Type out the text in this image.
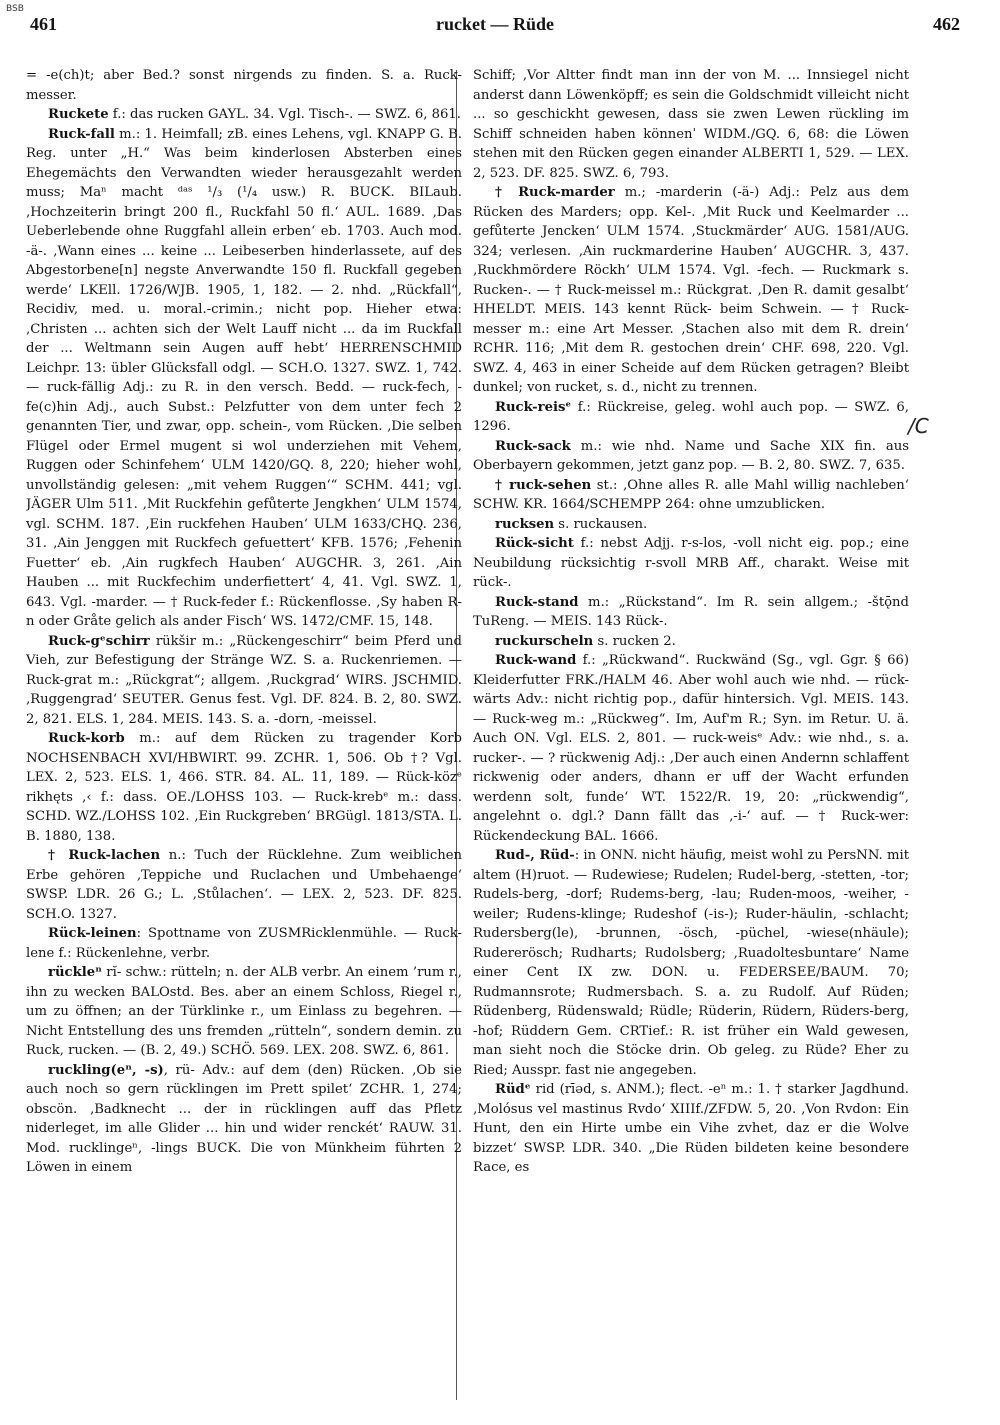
BSB
461	rucket — Rüde	462

= -e(ch)t; aber Bed.? sonst nirgends zu finden. S. a. Ruck-messer.

Ruckete f.: das rucken GAYL. 34. Vgl. Tisch-. — SWZ. 6, 861.

Ruck-fall m.: 1. Heimfall; zB. eines Lehens, vgl. KNAPP G. B. Reg. unter „H.“ Was beim kinderlosen Absterben eines Ehegemächts den Verwandten wieder herausgezahlt werden muss; Maⁿ macht ᵈᵃˢ ¹/₃ (¹/₄ usw.) R. BUCK. BILaub. ‚Hochzeiterin bringt 200 fl., Ruckfahl 50 fl.‘ AUL. 1689. ‚Das Ueberlebende ohne Ruggfahl allein erben‘ eb. 1703. Auch mod. -ä-. ‚Wann eines ... keine ... Leibeserben hinderlassete, auf des Abgestorbene[n] negste Anverwandte 150 fl. Ruckfall gegeben werde‘ LKEll. 1726/WJB. 1905, 1, 182. — 2. nhd. „Rückfall“, Recidiv, med. u. moral.-crimin.; nicht pop. Hieher etwa: ‚Christen ... achten sich der Welt Lauff nicht ... da im Ruckfall der ... Weltmann sein Augen auff hebt‘ HERRENSCHMID Leichpr. 13: übler Glücksfall odgl. — SCH.O. 1327. SWZ. 1, 742. — ruck-fällig Adj.: zu R. in den versch. Bedd. — ruck-fech, -fe(c)hin Adj., auch Subst.: Pelzfutter von dem unter fech 2 genannten Tier, und zwar, opp. schein-, vom Rücken. ‚Die selben Flügel oder Ermel mugent si wol underziehen mit Vehem, Ruggen oder Schinfehem‘ ULM 1420/GQ. 8, 220; hieher wohl, unvollständig gelesen: „mit vehem Ruggen‘“ SCHM. 441; vgl. JÄGER Ulm 511. ‚Mit Ruckfehin gefůterte Jengkhen‘ ULM 1574, vgl. SCHM. 187. ‚Ein ruckfehen Hauben‘ ULM 1633/CHQ. 236, 31. ‚Ain Jenggen mit Ruckfech gefuettert‘ KFB. 1576; ‚Fehenin Fuetter‘ eb. ‚Ain rugkfech Hauben‘ AUGCHR. 3, 261. ‚Ain Hauben ... mit Ruckfechim underfiettert‘ 4, 41. Vgl. SWZ. 1, 643. Vgl. -marder. — † Ruck-feder f.: Rückenflosse. ‚Sy haben R-n oder Gråte gelich als ander Fisch‘ WS. 1472/CMF. 15, 148.

Ruck-gᵉschirr rükšir m.: „Rückengeschirr“ beim Pferd und Vieh, zur Befestigung der Stränge WZ. S. a. Ruckenriemen. — Ruck-grat m.: „Rückgrat“; allgem. ‚Ruckgrad‘ WIRS. JSCHMID. ‚Ruggengrad‘ SEUTER. Genus fest. Vgl. DF. 824. B. 2, 80. SWZ. 2, 821. ELS. 1, 284. MEIS. 143. S. a. -dorn, -meissel.

Ruck-korb m.: auf dem Rücken zu tragender Korb NOCHSENBACH XVI/HBWIRT. 99. ZCHR. 1, 506. Ob †? Vgl. LEX. 2, 523. ELS. 1, 466. STR. 84. AL. 11, 189. — Rück-közᵉ rikhęts ,‹ f.: dass. OE./LOHSS 103. — Ruck-krebᵉ m.: dass. SCHD. WZ./LOHSS 102. ‚Ein Ruckgreben‘ BRGügl. 1813/STA. L. B. 1880, 138.

† Ruck-lachen n.: Tuch der Rücklehne. Zum weiblichen Erbe gehören ‚Teppiche und Ruclachen und Umbehaenge‘ SWSP. LDR. 26 G.; L. ‚Stůlachen‘. — LEX. 2, 523. DF. 825. SCH.O. 1327.

Rück-leinen: Spottname von ZUSMRicklenmühle. — Ruck-lene f.: Rückenlehne, verbr.

rückleⁿ rĭ- schw.: rütteln; n. der ALB verbr. An einem ’rum r., ihn zu wecken BALOstd. Bes. aber an einem Schloss, Riegel r., um zu öffnen; an der Türklinke r., um Einlass zu begehren. — Nicht Entstellung des uns fremden „rütteln“, sondern demin. zu Ruck, rucken. — (B. 2, 49.) SCHÖ. 569. LEX. 208. SWZ. 6, 861.

ruckling(eⁿ, -s), rü- Adv.: auf dem (den) Rücken. ‚Ob sie auch noch so gern rücklingen im Prett spilet‘ ZCHR. 1, 274; obscön. ‚Badknecht ... der in rücklingen auff das Pfletz niderleget, im alle Glider ... hin und wider renckét‘ RAUW. 31. Mod. rucklingeⁿ, -lings BUCK. Die von Münkheim führten 2 Löwen in einem

Schiff; ‚Vor Altter findt man inn der von M. ... Innsiegel nicht anderst dann Löwenköpff; es sein die Goldschmidt villeicht nicht ... so geschickht gewesen, dass sie zwen Lewen rückling im Schiff schneiden haben könnenˈ WIDM./GQ. 6, 68: die Löwen stehen mit den Rücken gegen einander ALBERTI 1, 529. — LEX. 2, 523. DF. 825. SWZ. 6, 793.

† Ruck-marder m.; -marderin (-ä-) Adj.: Pelz aus dem Rücken des Marders; opp. Kel-. ‚Mit Ruck und Keelmarder ... gefůterte Jencken‘ ULM 1574. ‚Stuckmärder‘ AUG. 1581/AUG. 324; verlesen. ‚Ain ruckmarderine Hauben‘ AUGCHR. 3, 437. ‚Ruckhmördere Röckh‘ ULM 1574. Vgl. -fech. — Ruckmark s. Rucken-. — † Ruck-meissel m.: Rückgrat. ‚Den R. damit gesalbt‘ HHELDT. MEIS. 143 kennt Rück- beim Schwein. — † Ruck-messer m.: eine Art Messer. ‚Stachen also mit dem R. drein‘ RCHR. 116; ‚Mit dem R. gestochen drein‘ CHF. 698, 220. Vgl. SWZ. 4, 463 in einer Scheide auf dem Rücken getragen? Bleibt dunkel; von rucket, s. d., nicht zu trennen.

Ruck-reisᵉ f.: Rückreise, geleg. wohl auch pop. — SWZ. 6, 1296.

Ruck-sack m.: wie nhd. Name und Sache XIX fin. aus Oberbayern gekommen, jetzt ganz pop. — B. 2, 80. SWZ. 7, 635.

† ruck-sehen st.: ‚Ohne alles R. alle Mahl willig nachleben‘ SCHW. KR. 1664/SCHEMPP 264: ohne umzublicken.

rucksen s. ruckausen.

Rück-sicht f.: nebst Adjj. r-s-los, -voll nicht eig. pop.; eine Neubildung rücksichtig r-svoll MRB Aff., charakt. Weise mit rück-.

Ruck-stand m.: „Rückstand“. Im R. sein allgem.; -štǭnd TuReng. — MEIS. 143 Rück-.

ruckurscheln s. rucken 2.

Ruck-wand f.: „Rückwand“. Ruckwänd (Sg., vgl. Ggr. § 66) Kleiderfutter FRK./HALM 46. Aber wohl auch wie nhd. — rück-wärts Adv.: nicht richtig pop., dafür hintersich. Vgl. MEIS. 143. — Ruck-weg m.: „Rückweg“. Im, Auf'm R.; Syn. im Retur. U. ä. Auch ON. Vgl. ELS. 2, 801. — ruck-weisᵉ Adv.: wie nhd., s. a. rucker-. — ? rückwenig Adj.: ‚Der auch einen Andernn schlaffent rickwenig oder anders, dhann er uff der Wacht erfunden werdenn solt, funde‘ WT. 1522/R. 19, 20: „rückwendig“, angelehnt o. dgl.? Dann fällt das ‚-i-‘ auf. — † Ruck-wer: Rückendeckung BAL. 1666.

Rud-, Rüd-: in ONN. nicht häufig, meist wohl zu PersNN. mit altem (H)ruot. — Rudewiese; Rudelen; Rudel-berg, -stetten, -tor; Rudels-berg, -dorf; Rudems-berg, -lau; Ruden-moos, -weiher, -weiler; Rudens-klinge; Rudeshof (-is-); Ruder-häulin, -schlacht; Rudersberg(le), -brunnen, -ösch, -püchel, -wiese(nhäule); Rudererösch; Rudharts; Rudolsberg; ‚Ruadoltesbuntare‘ Name einer Cent IX zw. DON. u. FEDERSEE/BAUM. 70; Rudmannsrote; Rudmersbach. S. a. zu Rudolf. Auf Rüden; Rüdenberg, Rüdenswald; Rüdle; Rüderin, Rüdern, Rüders-berg, -hof; Rüddern Gem. CRTief.: R. ist früher ein Wald gewesen, man sieht noch die Stöcke drin. Ob geleg. zu Rüde? Eher zu Ried; Ausspr. fast nie angegeben.

Rüdᵉ rid (rīǝd, s. ANM.); flect. -eⁿ m.: 1. † starker Jagdhund. ‚Molósus vel mastinus Rvdo‘ XIIIf./ZFDW. 5, 20. ‚Von Rvdon: Ein Hunt, den ein Hirte umbe ein Vihe zvhet, daz er die Wolve bizzet‘ SWSP. LDR. 340. „Die Rüden bildeten keine besondere Race, es

/C
